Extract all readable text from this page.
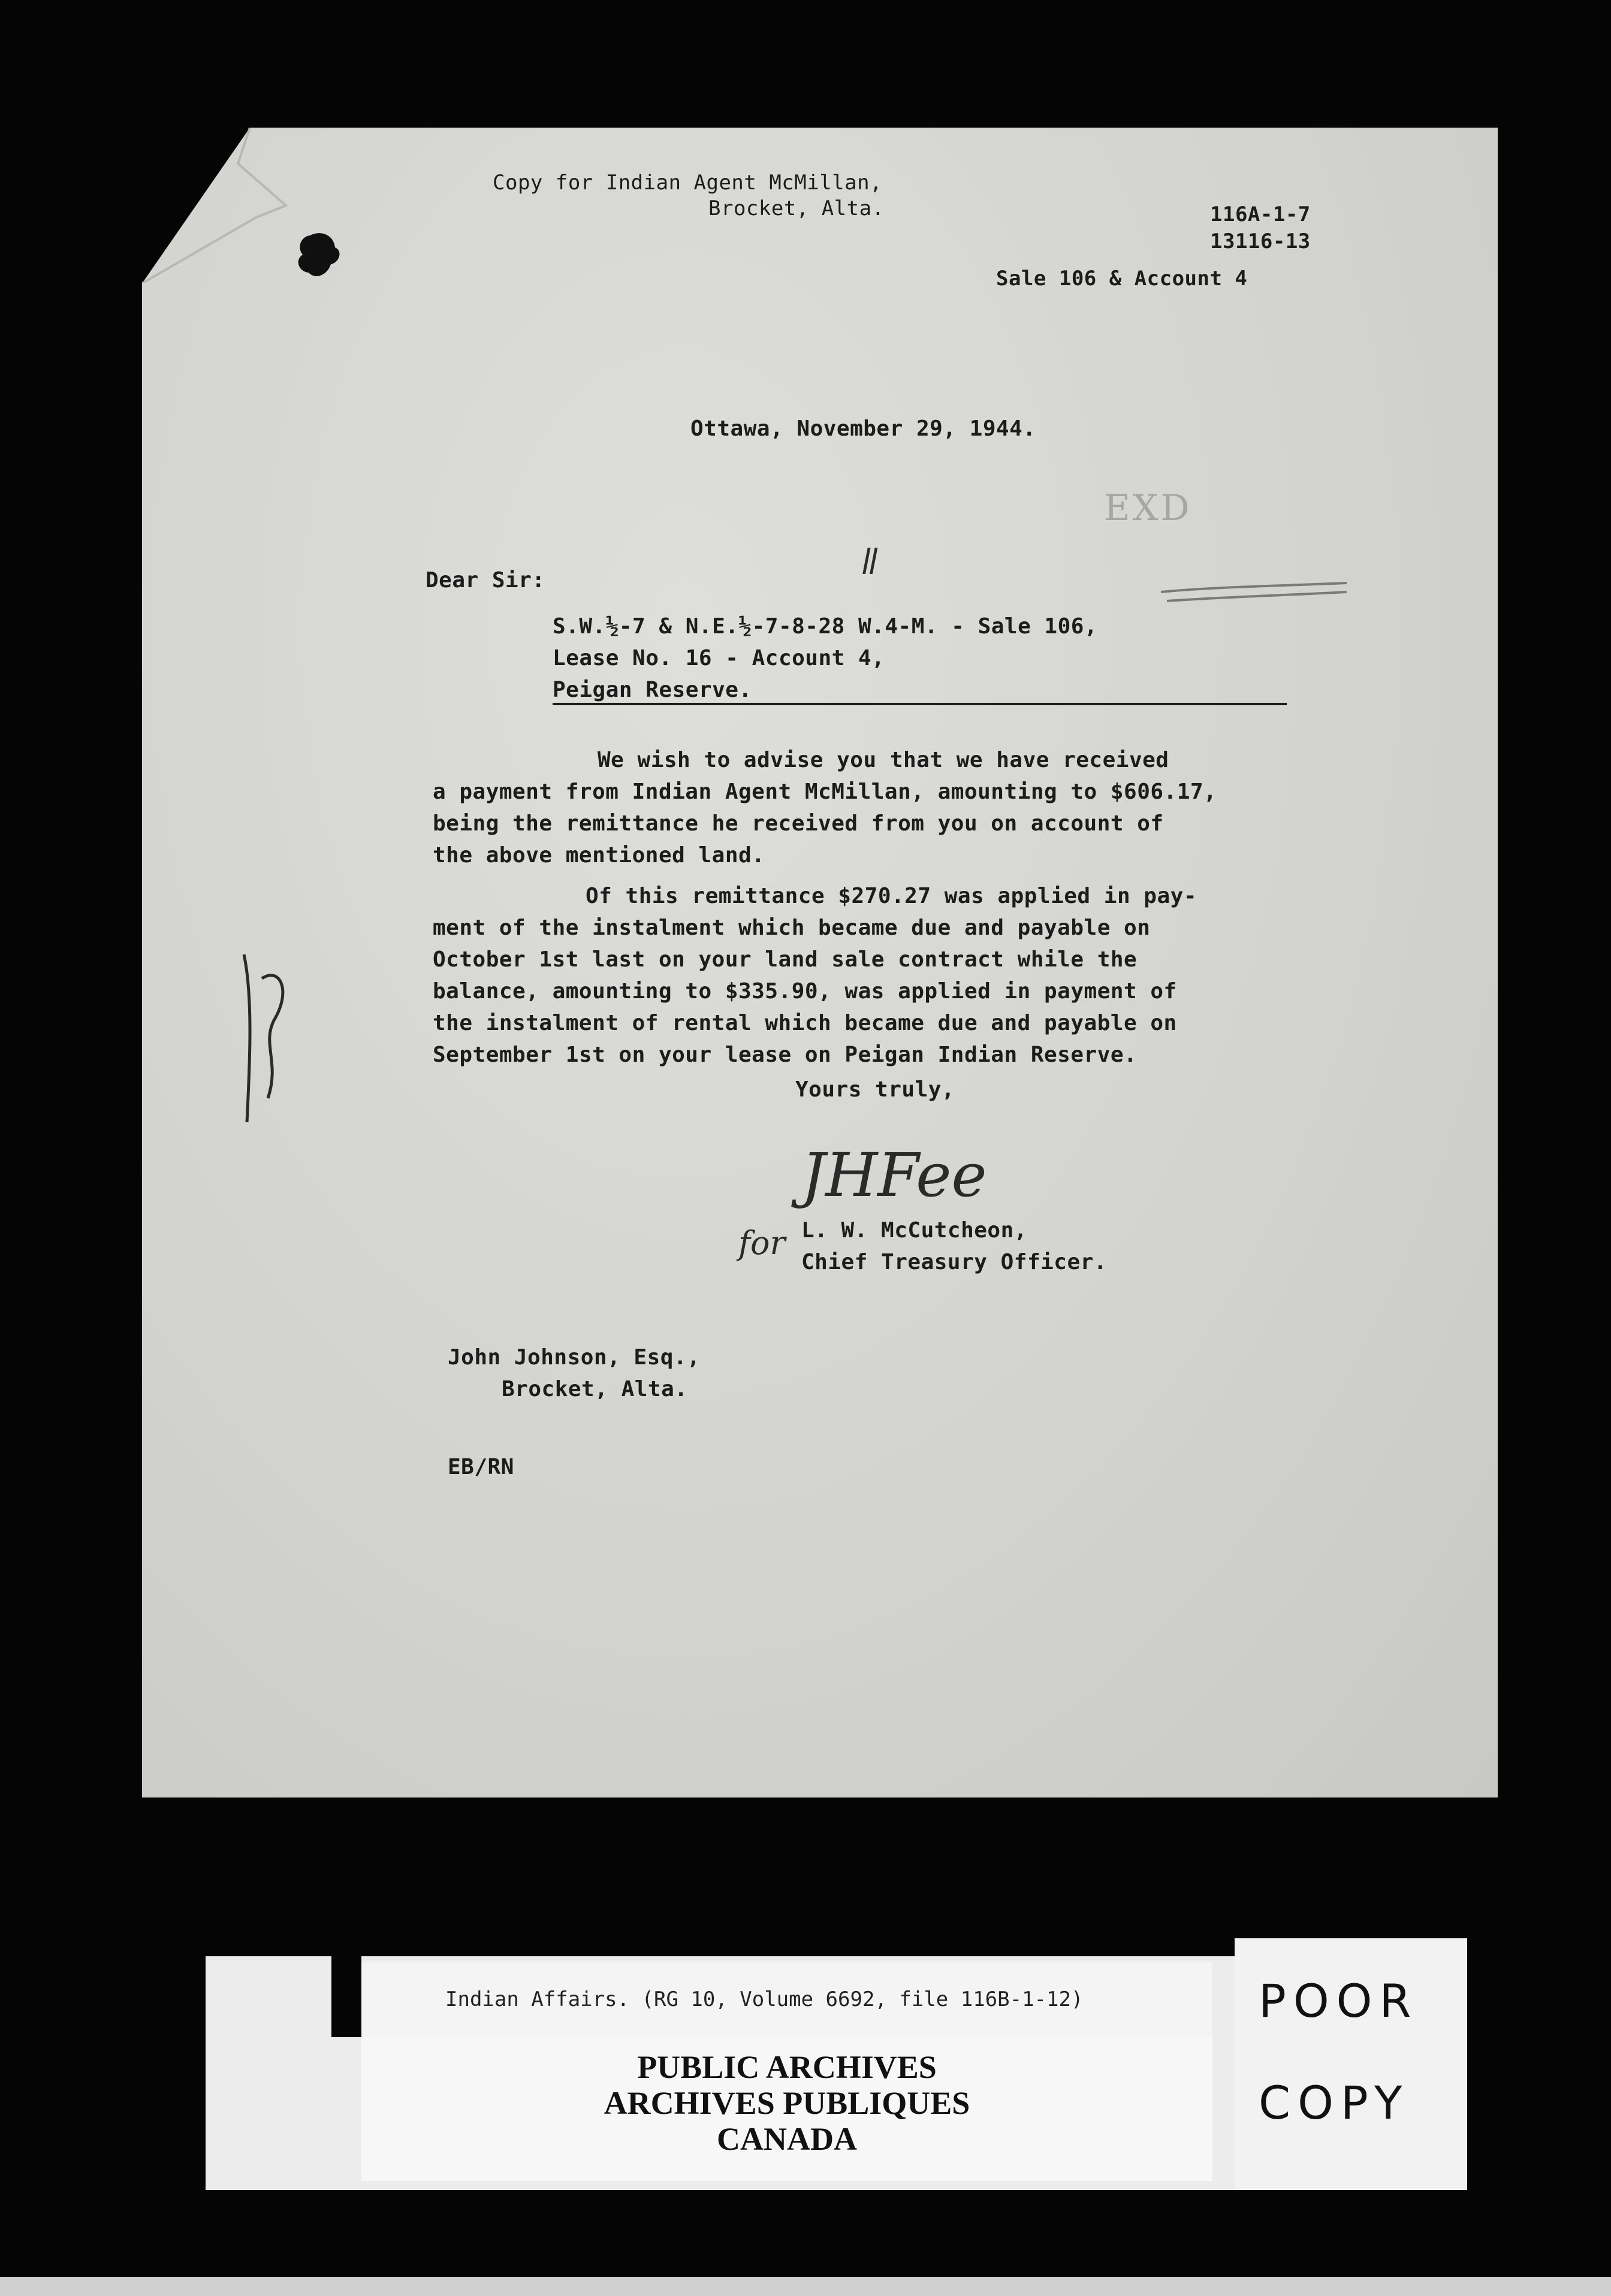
Copy for Indian Agent McMillan,
Brocket, Alta.	116A-1-7
13116-13
Sale 106 & Account 4
Ottawa, November 29, 1944.
EXD
Dear Sir:	ǁ
S.W.½-7 & N.E.½-7-8-28 W.4-M. - Sale 106,
Lease No. 16 - Account 4,
Peigan Reserve.
We wish to advise you that we have received
a payment from Indian Agent McMillan, amounting to $606.17,
being the remittance he received from you on account of
the above mentioned land.
Of this remittance $270.27 was applied in pay-
ment of the instalment which became due and payable on
October 1st last on your land sale contract while the
balance, amounting to $335.90, was applied in payment of
the instalment of rental which became due and payable on
September 1st on your lease on Peigan Indian Reserve.
Yours truly,
JHFee
for L. W. McCutcheon,
Chief Treasury Officer.
John Johnson, Esq.,
Brocket, Alta.
EB/RN
Indian Affairs. (RG 10, Volume 6692, file 116B-1-12)
PUBLIC ARCHIVES
ARCHIVES PUBLIQUES
CANADA
POOR
COPY
